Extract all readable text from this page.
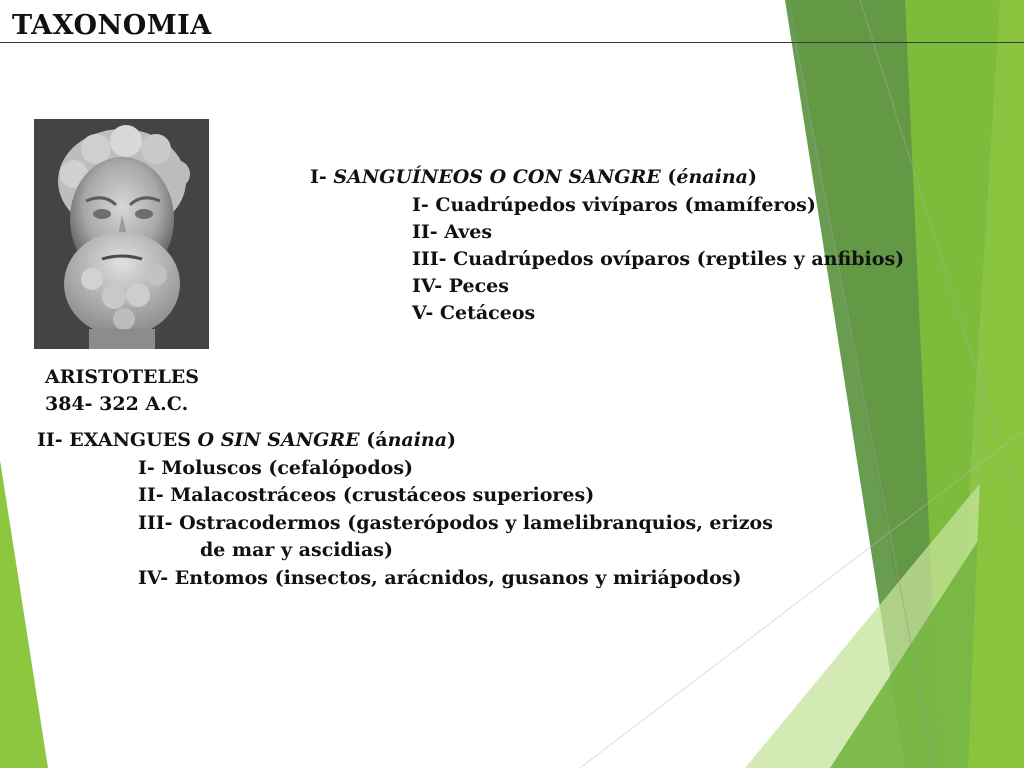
TAXONOMIA
ARISTOTELES
384- 322 A.C.
I- SANGUÍNEOS O CON SANGRE (énaina)
I- Cuadrúpedos vivíparos (mamíferos)
II- Aves
III- Cuadrúpedos ovíparos (reptiles y anfibios)
IV- Peces
V- Cetáceos
II- EXANGUES O SIN SANGRE (ánaina)
I- Moluscos (cefalópodos)
II- Malacostráceos (crustáceos superiores)
III- Ostracodermos (gasterópodos y lamelibranquios, erizos
de mar y ascidias)
IV- Entomos (insectos, arácnidos, gusanos y miriápodos)
